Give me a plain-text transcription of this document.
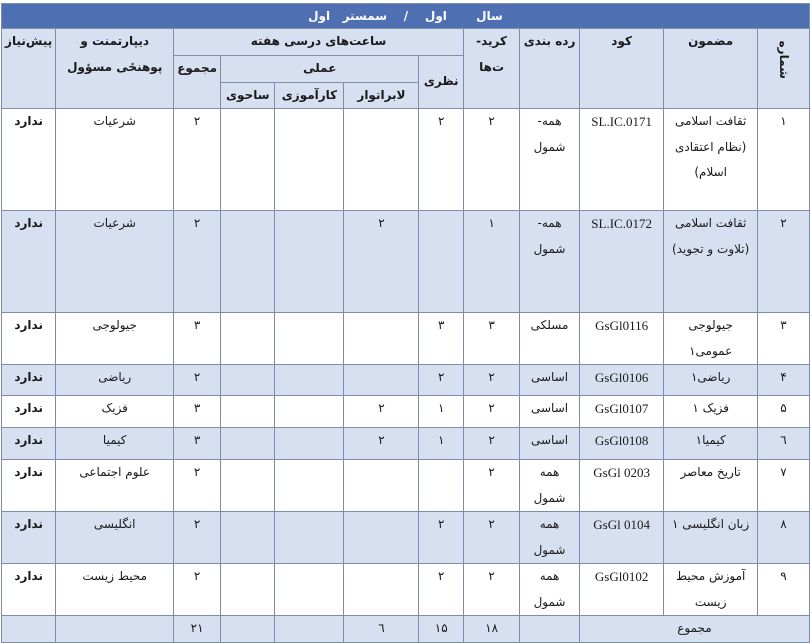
سال       اول    /    سمستر   اول											
شماره	مضمون	کود	رده بندی	کرید-ت‌ها	ساعت‌های درسی هفته					دیپارتمنت و پوهنځی مسؤول	پیش‌نیاز
					نظری	عملی			مجموع		
						لابراتوار	کارآموزی	ساحوی			
۱	ثقافت اسلامی (نظام اعتقادی اسلام)	SL.IC.0171	همه- شمول	۲	۲				۲	شرعیات	ندارد
۲	ثقافت اسلامی (تلاوت و تجوید)	SL.IC.0172	همه- شمول	۱		۲			۲	شرعیات	ندارد
۳	جیولوجی عمومی۱	GsGl0116	مسلکی	۳	۳				۳	جیولوجی	ندارد
۴	ریاضی۱	GsGl0106	اساسی	۲	۲				۲	ریاضی	ندارد
۵	فزیک ۱	GsGl0107	اساسی	۲	۱	۲			۳	فزیک	ندارد
٦	کیمیا۱	GsGl0108	اساسی	۲	۱	۲			۳	کیمیا	ندارد
۷	تاریخ معاصر	GsGl 0203	همه شمول	۲					۲	علوم اجتماعی	ندارد
۸	زبان انگلیسی ۱	0104 GsGl	همه شمول	۲	۲				۲	انگلیسی	ندارد
۹	آموزش محیط زیست	GsGl0102	همه شمول	۲	۲				۲	محیط زیست	ندارد
مجموع				۱۸	۱۵	٦			۲۱		
